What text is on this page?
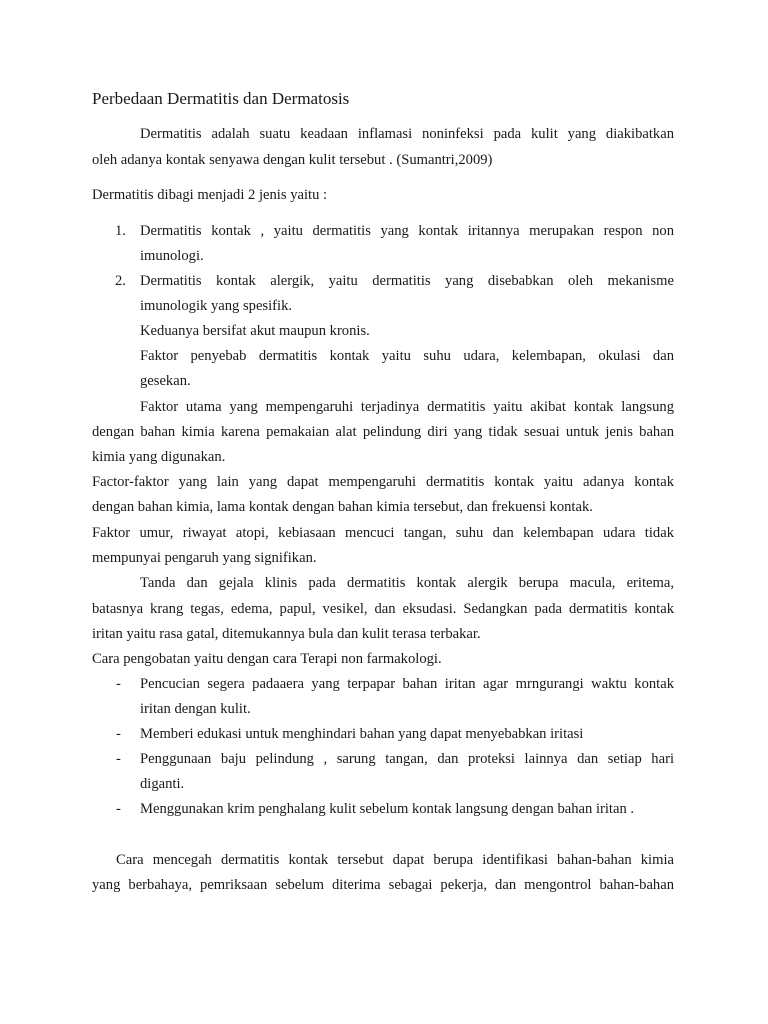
Perbedaan Dermatitis dan Dermatosis
Dermatitis adalah suatu keadaan inflamasi noninfeksi pada kulit yang diakibatkan
oleh adanya kontak senyawa dengan kulit tersebut . (Sumantri,2009)
Dermatitis dibagi menjadi 2 jenis yaitu :
1. Dermatitis kontak , yaitu dermatitis yang kontak iritannya merupakan respon non
imunologi.
2. Dermatitis kontak alergik, yaitu dermatitis yang disebabkan oleh mekanisme
imunologik yang spesifik.
Keduanya bersifat akut maupun kronis.
Faktor penyebab dermatitis kontak yaitu suhu udara, kelembapan, okulasi dan
gesekan.
Faktor utama yang mempengaruhi terjadinya dermatitis yaitu akibat kontak langsung
dengan bahan kimia karena pemakaian alat pelindung diri yang tidak sesuai untuk jenis bahan
kimia yang digunakan.
Factor-faktor yang lain yang dapat mempengaruhi dermatitis kontak yaitu adanya kontak
dengan bahan kimia, lama kontak dengan bahan kimia tersebut, dan frekuensi kontak.
Faktor umur, riwayat atopi, kebiasaan mencuci tangan, suhu dan kelembapan udara tidak
mempunyai pengaruh yang signifikan.
Tanda dan gejala klinis pada dermatitis kontak alergik berupa macula, eritema,
batasnya krang tegas, edema, papul, vesikel, dan eksudasi. Sedangkan pada dermatitis kontak
iritan yaitu rasa gatal, ditemukannya bula dan kulit terasa terbakar.
Cara pengobatan yaitu dengan cara Terapi non farmakologi.
- Pencucian segera padaaera yang terpapar bahan iritan agar mrngurangi waktu kontak
iritan dengan kulit.
- Memberi edukasi untuk menghindari bahan yang dapat menyebabkan iritasi
- Penggunaan baju pelindung , sarung tangan, dan proteksi lainnya dan setiap hari
diganti.
- Menggunakan krim penghalang kulit sebelum kontak langsung dengan bahan iritan .
Cara mencegah dermatitis kontak tersebut dapat berupa identifikasi bahan-bahan kimia
yang berbahaya, pemriksaan sebelum diterima sebagai pekerja, dan mengontrol bahan-bahan
